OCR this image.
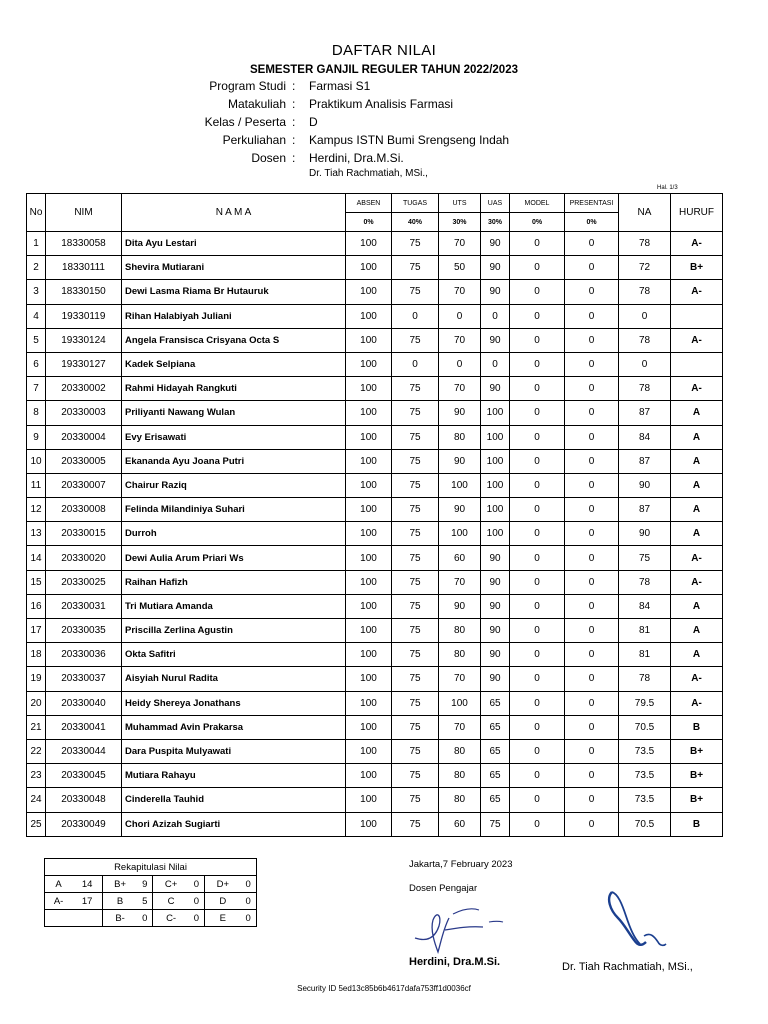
DAFTAR NILAI
SEMESTER GANJIL REGULER TAHUN 2022/2023
Program Studi : Farmasi S1
Matakuliah : Praktikum Analisis Farmasi
Kelas / Peserta : D
Perkuliahan : Kampus ISTN Bumi Srengseng Indah
Dosen : Herdini, Dra.M.Si.
Dr. Tiah Rachmatiah, MSi.,
Hal. 1/3
No	NIM	N A M A	ABSEN	TUGAS	UTS	UAS	MODEL	PRESENTASI	NA	HURUF
			0%	40%	30%	30%	0%	0%		
1	18330058	Dita Ayu Lestari	100	75	70	90	0	0	78	A-
2	18330111	Shevira Mutiarani	100	75	50	90	0	0	72	B+
3	18330150	Dewi Lasma Riama Br Hutauruk	100	75	70	90	0	0	78	A-
4	19330119	Rihan Halabiyah Juliani	100	0	0	0	0	0	0	
5	19330124	Angela Fransisca Crisyana Octa S	100	75	70	90	0	0	78	A-
6	19330127	Kadek Selpiana	100	0	0	0	0	0	0	
7	20330002	Rahmi Hidayah Rangkuti	100	75	70	90	0	0	78	A-
8	20330003	Priliyanti Nawang Wulan	100	75	90	100	0	0	87	A
9	20330004	Evy Erisawati	100	75	80	100	0	0	84	A
10	20330005	Ekananda Ayu Joana Putri	100	75	90	100	0	0	87	A
11	20330007	Chairur Raziq	100	75	100	100	0	0	90	A
12	20330008	Felinda Milandiniya Suhari	100	75	90	100	0	0	87	A
13	20330015	Durroh	100	75	100	100	0	0	90	A
14	20330020	Dewi Aulia Arum Priari Ws	100	75	60	90	0	0	75	A-
15	20330025	Raihan Hafizh	100	75	70	90	0	0	78	A-
16	20330031	Tri Mutiara Amanda	100	75	90	90	0	0	84	A
17	20330035	Priscilla Zerlina Agustin	100	75	80	90	0	0	81	A
18	20330036	Okta Safitri	100	75	80	90	0	0	81	A
19	20330037	Aisyiah Nurul Radita	100	75	70	90	0	0	78	A-
20	20330040	Heidy Shereya Jonathans	100	75	100	65	0	0	79.5	A-
21	20330041	Muhammad Avin Prakarsa	100	75	70	65	0	0	70.5	B
22	20330044	Dara Puspita Mulyawati	100	75	80	65	0	0	73.5	B+
23	20330045	Mutiara Rahayu	100	75	80	65	0	0	73.5	B+
24	20330048	Cinderella Tauhid	100	75	80	65	0	0	73.5	B+
25	20330049	Chori Azizah Sugiarti	100	75	60	75	0	0	70.5	B
Rekapitulasi Nilai							
A	14	B+	9	C+	0	D+	0
A-	17	B	5	C	0	D	0
		B-	0	C-	0	E	0
Jakarta,7 February 2023
Dosen Pengajar
Herdini, Dra.M.Si.	Dr. Tiah Rachmatiah, MSi.,
Security ID 5ed13c85b6b4617dafa753ff1d0036cf
